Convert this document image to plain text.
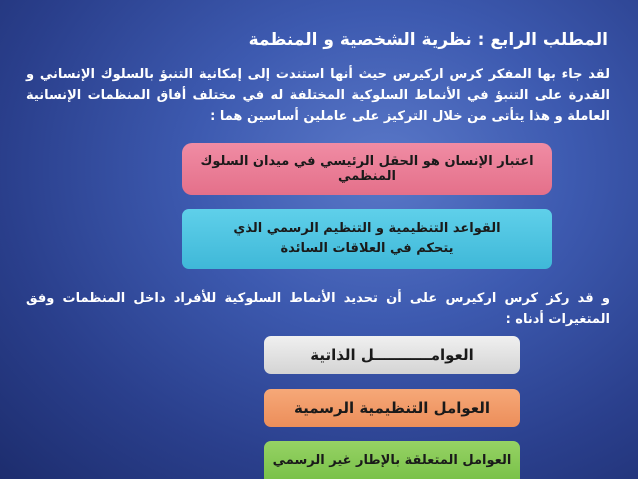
المطلب الرابع : نظرية الشخصية و المنظمة
لقد جاء بها المفكر كرس اركيرس حيث أنها استندت إلى إمكانية التنبؤ بالسلوك الإنساني و القدرة على التنبؤ في الأنماط السلوكية المختلفة له في مختلف أفاق المنظمات الإنسانية العاملة و هذا يتأتى من خلال التركيز على عاملين أساسين هما :
اعتبار الإنسان هو الحقل الرئيسي في ميدان السلوك المنظمي
القواعد التنظيمية و التنظيم الرسمي الذي يتحكم في العلاقات السائدة
و قد ركز كرس اركيرس على أن تحديد الأنماط السلوكية للأفراد داخل المنظمات وفق المتغيرات أدناه :
العوامـــــــــــل الذاتية
العوامل التنظيمية الرسمية
العوامل المتعلقة بالإطار غير الرسمي
